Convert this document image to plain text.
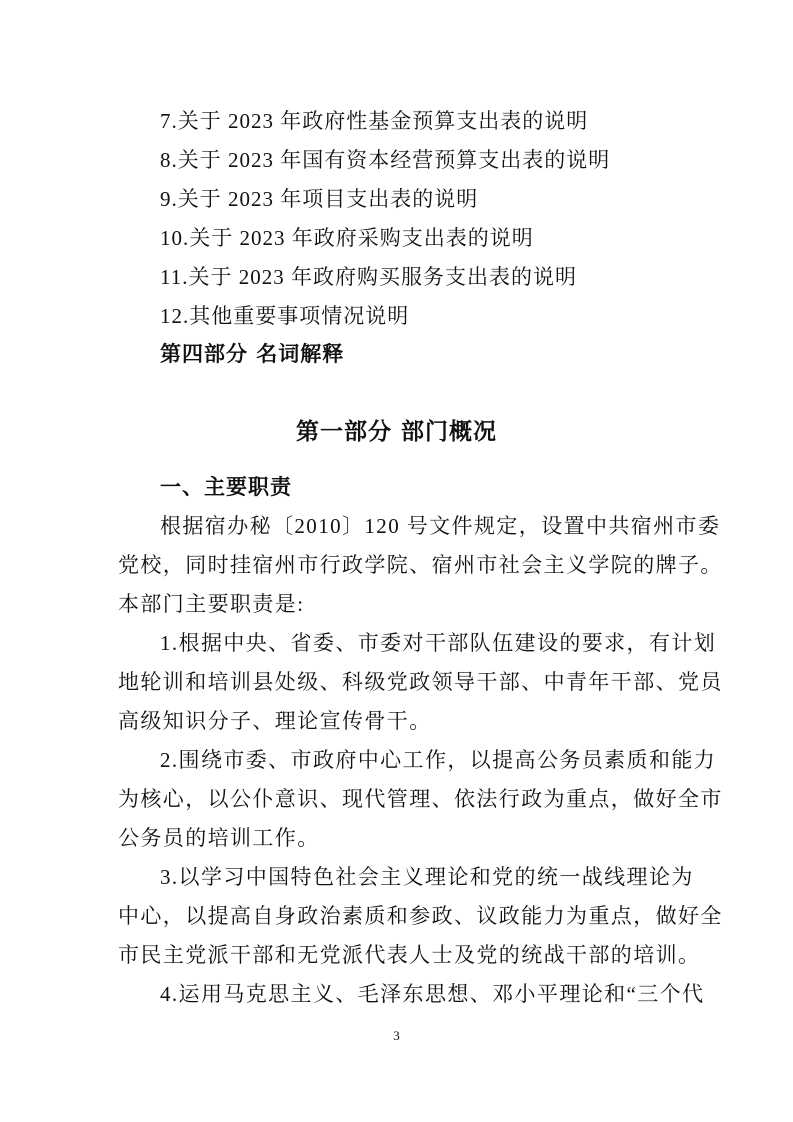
7.关于 2023 年政府性基金预算支出表的说明
8.关于 2023 年国有资本经营预算支出表的说明
9.关于 2023 年项目支出表的说明
10.关于 2023 年政府采购支出表的说明
11.关于 2023 年政府购买服务支出表的说明
12.其他重要事项情况说明
第四部分 名词解释
第一部分 部门概况
一、主要职责
根据宿办秘〔2010〕120 号文件规定，设置中共宿州市委
党校，同时挂宿州市行政学院、宿州市社会主义学院的牌子。
本部门主要职责是:
1.根据中央、省委、市委对干部队伍建设的要求，有计划
地轮训和培训县处级、科级党政领导干部、中青年干部、党员
高级知识分子、理论宣传骨干。
2.围绕市委、市政府中心工作，以提高公务员素质和能力
为核心，以公仆意识、现代管理、依法行政为重点，做好全市
公务员的培训工作。
3.以学习中国特色社会主义理论和党的统一战线理论为
中心，以提高自身政治素质和参政、议政能力为重点，做好全
市民主党派干部和无党派代表人士及党的统战干部的培训。
4.运用马克思主义、毛泽东思想、邓小平理论和“三个代
3
